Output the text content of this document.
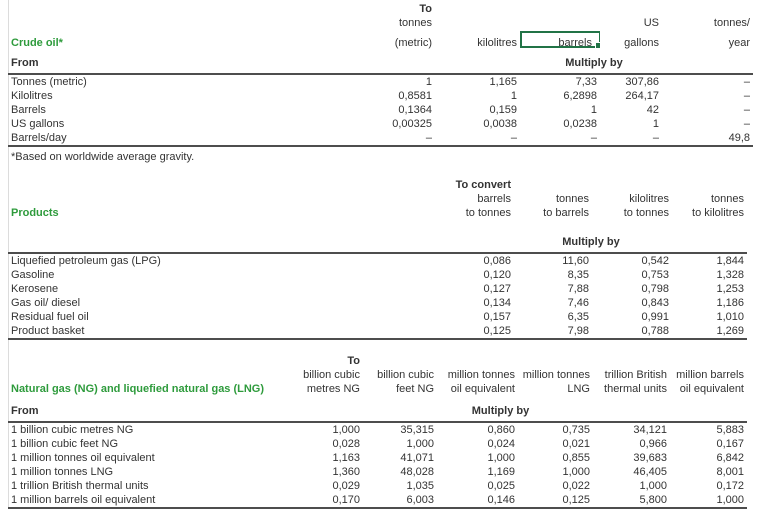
	To				
	tonnes			US	tonnes/
Crude oil*	(metric)	kilolitres	barrels	gallons	year
From		Multiply by			
Tonnes (metric)	1	1,165	7,33	307,86	–
Kilolitres	0,8581	1	6,2898	264,17	–
Barrels	0,1364	0,159	1	42	–
US gallons	0,00325	0,0038	0,0238	1	–
Barrels/day	–	–	–	–	49,8
*Based on worldwide average gravity.
	To convert			
	barrels	tonnes	kilolitres	tonnes
Products	to tonnes	to barrels	to tonnes	to kilolitres

	Multiply by			
Liquefied petroleum gas (LPG)	0,086	11,60	0,542	1,844
Gasoline	0,120	8,35	0,753	1,328
Kerosene	0,127	7,88	0,798	1,253
Gas oil/ diesel	0,134	7,46	0,843	1,186
Residual fuel oil	0,157	6,35	0,991	1,010
Product basket	0,125	7,98	0,788	1,269
	To					
	billion cubic	billion cubic	million tonnes	million tonnes	trillion British	million barrels
Natural gas (NG) and liquefied natural gas (LNG)	metres NG	feet NG	oil equivalent	LNG	thermal units	oil equivalent
From	Multiply by					
1 billion cubic metres NG	1,000	35,315	0,860	0,735	34,121	5,883
1 billion cubic feet NG	0,028	1,000	0,024	0,021	0,966	0,167
1 million tonnes oil equivalent	1,163	41,071	1,000	0,855	39,683	6,842
1 million tonnes LNG	1,360	48,028	1,169	1,000	46,405	8,001
1 trillion British thermal units	0,029	1,035	0,025	0,022	1,000	0,172
1 million barrels oil equivalent	0,170	6,003	0,146	0,125	5,800	1,000
